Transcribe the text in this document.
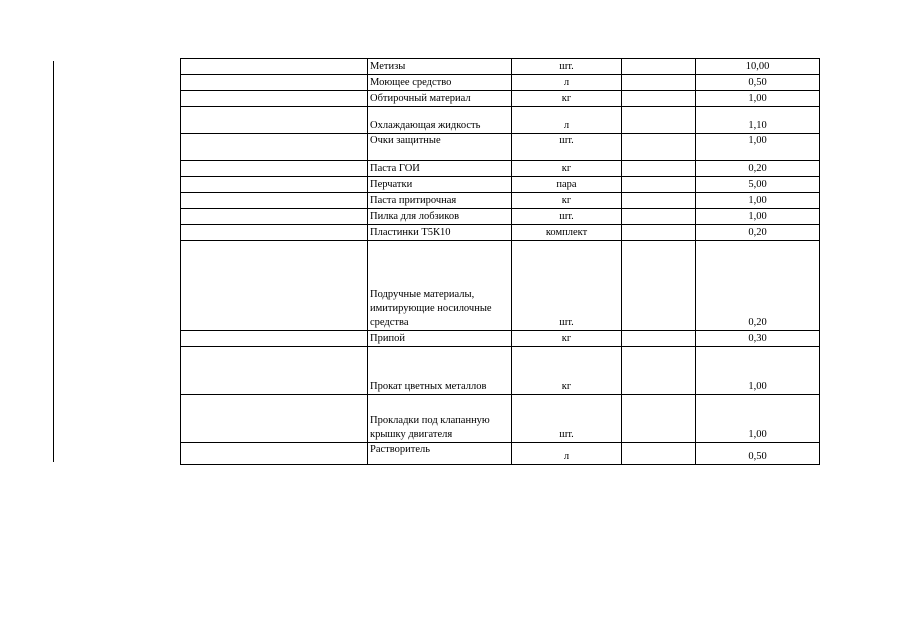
	Метизы	шт.		10,00
	Моющее средство	л		0,50
	Обтирочный материал	кг		1,00
	Охлаждающая жидкость	л		1,10
	Очки защитные	шт.		1,00
	Паста ГОИ	кг		0,20
	Перчатки	пара		5,00
	Паста притирочная	кг		1,00
	Пилка для лобзиков	шт.		1,00
	Пластинки Т5К10	комплект		0,20
	Подручные материалы, имитирующие носилочные средства	шт.		0,20
	Припой	кг		0,30
	Прокат цветных металлов	кг		1,00
	Прокладки под клапанную крышку двигателя	шт.		1,00
	Растворитель	л		0,50
